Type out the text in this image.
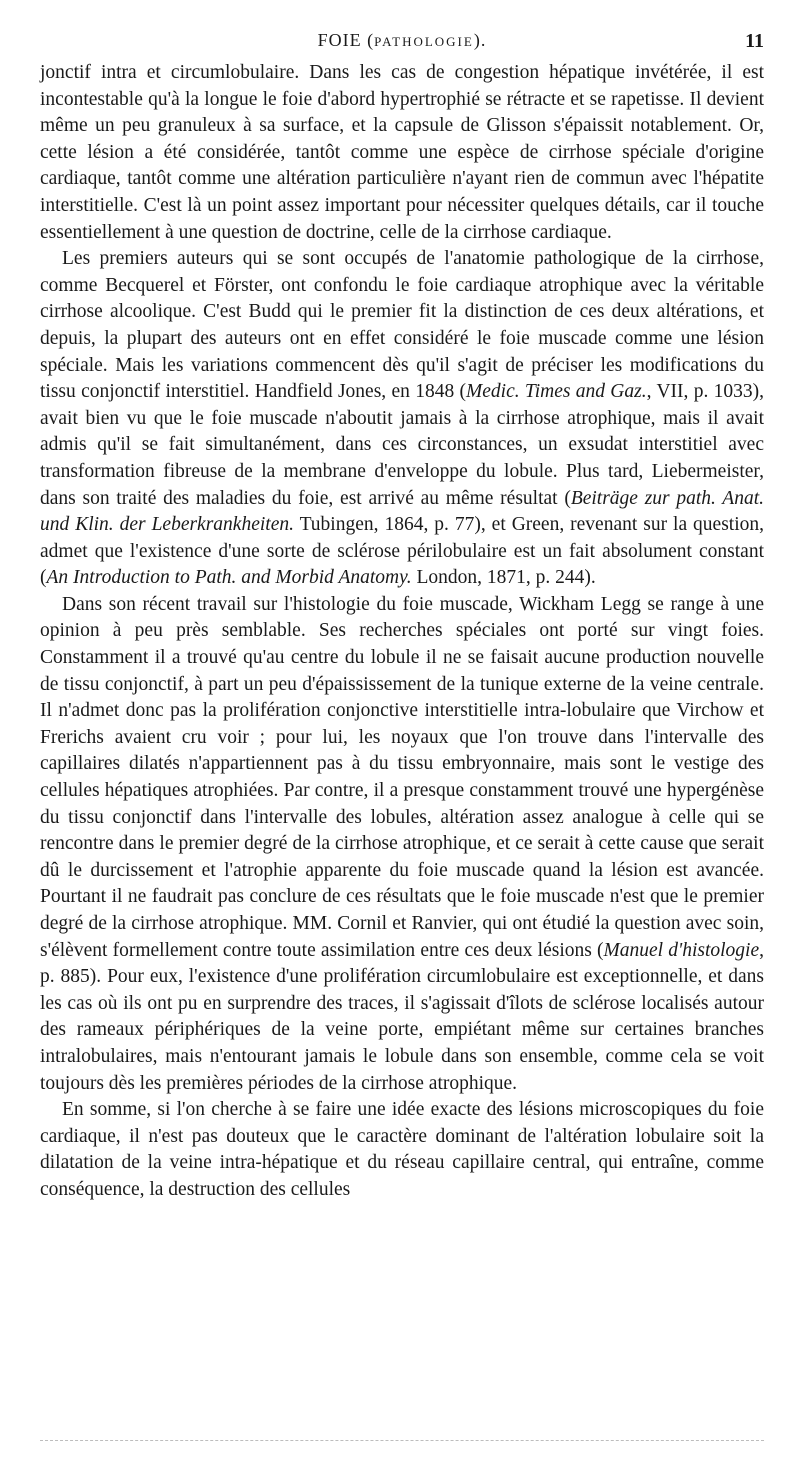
FOIE (PATHOLOGIE).	11

jonctif intra et circumlobulaire. Dans les cas de congestion hépatique invétérée, il est incontestable qu'à la longue le foie d'abord hypertrophié se rétracte et se rapetisse. Il devient même un peu granuleux à sa surface, et la capsule de Glisson s'épaissit notablement. Or, cette lésion a été considérée, tantôt comme une espèce de cirrhose spéciale d'origine cardiaque, tantôt comme une altération particulière n'ayant rien de commun avec l'hépatite interstitielle. C'est là un point assez important pour nécessiter quelques détails, car il touche essentiellement à une question de doctrine, celle de la cirrhose cardiaque.

Les premiers auteurs qui se sont occupés de l'anatomie pathologique de la cirrhose, comme Becquerel et Förster, ont confondu le foie cardiaque atrophique avec la véritable cirrhose alcoolique. C'est Budd qui le premier fit la distinction de ces deux altérations, et depuis, la plupart des auteurs ont en effet considéré le foie muscade comme une lésion spéciale. Mais les variations commencent dès qu'il s'agit de préciser les modifications du tissu conjonctif interstitiel. Handfield Jones, en 1848 (Medic. Times and Gaz., VII, p. 1033), avait bien vu que le foie muscade n'aboutit jamais à la cirrhose atrophique, mais il avait admis qu'il se fait simultanément, dans ces circonstances, un exsudat interstitiel avec transformation fibreuse de la membrane d'enveloppe du lobule. Plus tard, Liebermeister, dans son traité des maladies du foie, est arrivé au même résultat (Beiträge zur path. Anat. und Klin. der Leberkrankheiten. Tubingen, 1864, p. 77), et Green, revenant sur la question, admet que l'existence d'une sorte de sclérose périlobulaire est un fait absolument constant (An Introduction to Path. and Morbid Anatomy. London, 1871, p. 244).

Dans son récent travail sur l'histologie du foie muscade, Wickham Legg se range à une opinion à peu près semblable. Ses recherches spéciales ont porté sur vingt foies. Constamment il a trouvé qu'au centre du lobule il ne se faisait aucune production nouvelle de tissu conjonctif, à part un peu d'épaississement de la tunique externe de la veine centrale. Il n'admet donc pas la prolifération conjonctive interstitielle intra-lobulaire que Virchow et Frerichs avaient cru voir ; pour lui, les noyaux que l'on trouve dans l'intervalle des capillaires dilatés n'appartiennent pas à du tissu embryonnaire, mais sont le vestige des cellules hépatiques atrophiées. Par contre, il a presque constamment trouvé une hypergénèse du tissu conjonctif dans l'intervalle des lobules, altération assez analogue à celle qui se rencontre dans le premier degré de la cirrhose atrophique, et ce serait à cette cause que serait dû le durcissement et l'atrophie apparente du foie muscade quand la lésion est avancée. Pourtant il ne faudrait pas conclure de ces résultats que le foie muscade n'est que le premier degré de la cirrhose atrophique. MM. Cornil et Ranvier, qui ont étudié la question avec soin, s'élèvent formellement contre toute assimilation entre ces deux lésions (Manuel d'histologie, p. 885). Pour eux, l'existence d'une prolifération circumlobulaire est exceptionnelle, et dans les cas où ils ont pu en surprendre des traces, il s'agissait d'îlots de sclérose localisés autour des rameaux périphériques de la veine porte, empiétant même sur certaines branches intralobulaires, mais n'entourant jamais le lobule dans son ensemble, comme cela se voit toujours dès les premières périodes de la cirrhose atrophique.

En somme, si l'on cherche à se faire une idée exacte des lésions microscopiques du foie cardiaque, il n'est pas douteux que le caractère dominant de l'altération lobulaire soit la dilatation de la veine intra-hépatique et du réseau capillaire central, qui entraîne, comme conséquence, la destruction des cellules
